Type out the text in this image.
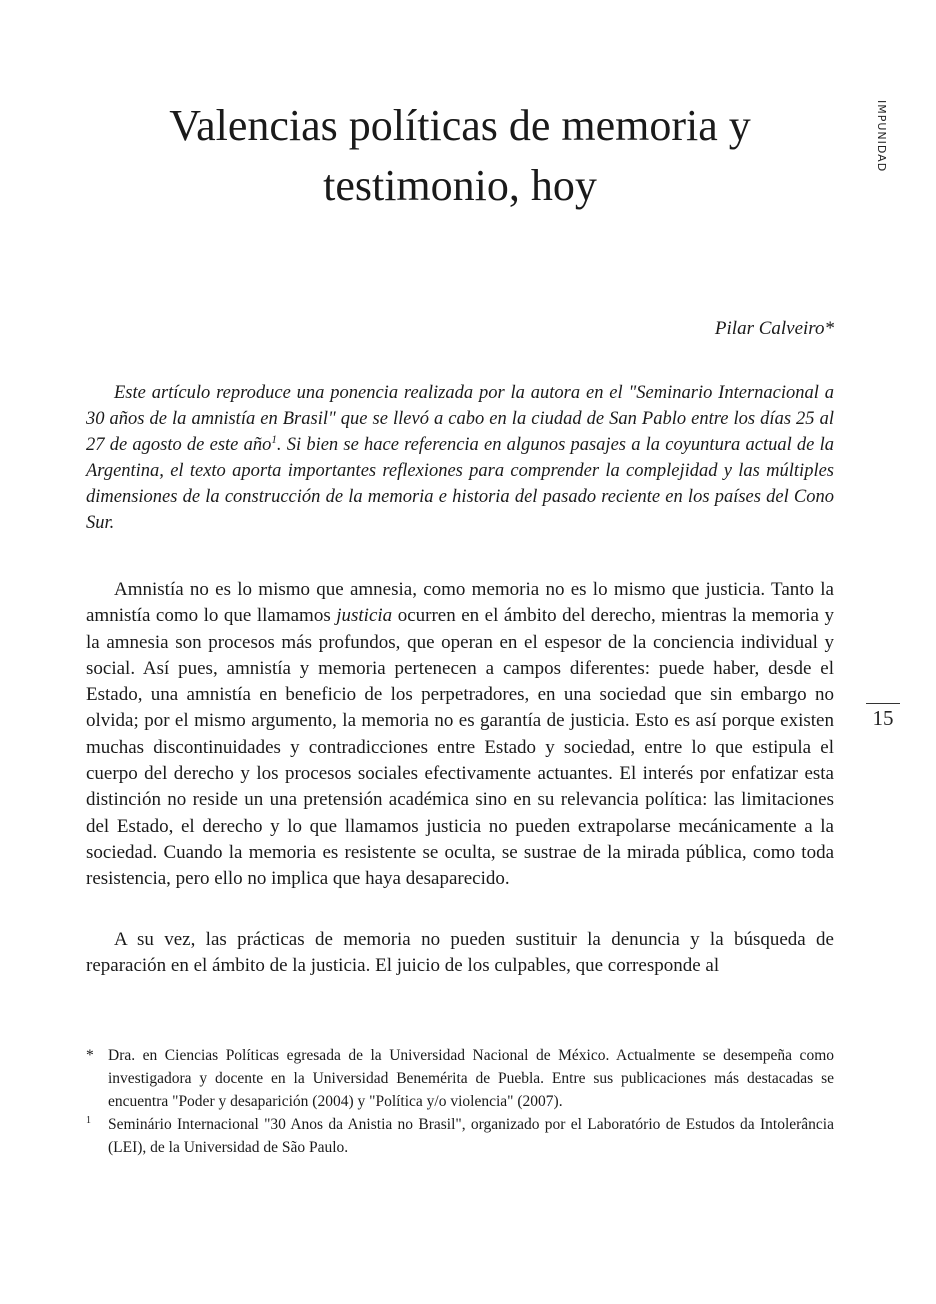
IMPUNIDAD
15
Valencias políticas de memoria y
testimonio, hoy
Pilar Calveiro*

Este artículo reproduce una ponencia realizada por la autora en el "Seminario Internacional a 30 años de la amnistía en Brasil" que se llevó a cabo en la ciudad de San Pablo entre los días 25 al 27 de agosto de este año$^1$. Si bien se hace referencia en algunos pasajes a la coyuntura actual de la Argentina, el texto aporta importantes reflexiones para comprender la complejidad y las múltiples dimensiones de la construcción de la memoria e historia del pasado reciente en los países del Cono Sur.

Amnistía no es lo mismo que amnesia, como memoria no es lo mismo que justicia. Tanto la amnistía como lo que llamamos justicia ocurren en el ámbito del derecho, mientras la memoria y la amnesia son procesos más profundos, que operan en el espesor de la conciencia individual y social. Así pues, amnistía y memoria pertenecen a campos diferentes: puede haber, desde el Estado, una amnistía en beneficio de los perpetradores, en una sociedad que sin embargo no olvida; por el mismo argumento, la memoria no es garantía de justicia. Esto es así porque existen muchas discontinuidades y contradicciones entre Estado y sociedad, entre lo que estipula el cuerpo del derecho y los procesos sociales efectivamente actuantes. El interés por enfatizar esta distinción no reside un una pretensión académica sino en su relevancia política: las limitaciones del Estado, el derecho y lo que llamamos justicia no pueden extrapolarse mecánicamente a la sociedad. Cuando la memoria es resistente se oculta, se sustrae de la mirada pública, como toda resistencia, pero ello no implica que haya desaparecido.

A su vez, las prácticas de memoria no pueden sustituir la denuncia y la búsqueda de reparación en el ámbito de la justicia. El juicio de los culpables, que corresponde al

* Dra. en Ciencias Políticas egresada de la Universidad Nacional de México. Actualmente se desempeña como investigadora y docente en la Universidad Benemérita de Puebla. Entre sus publicaciones más destacadas se encuentra "Poder y desaparición (2004) y "Política y/o violencia" (2007).
1 Seminário Internacional "30 Anos da Anistia no Brasil", organizado por el Laboratório de Estudos da Intolerância (LEI), de la Universidad de São Paulo.
